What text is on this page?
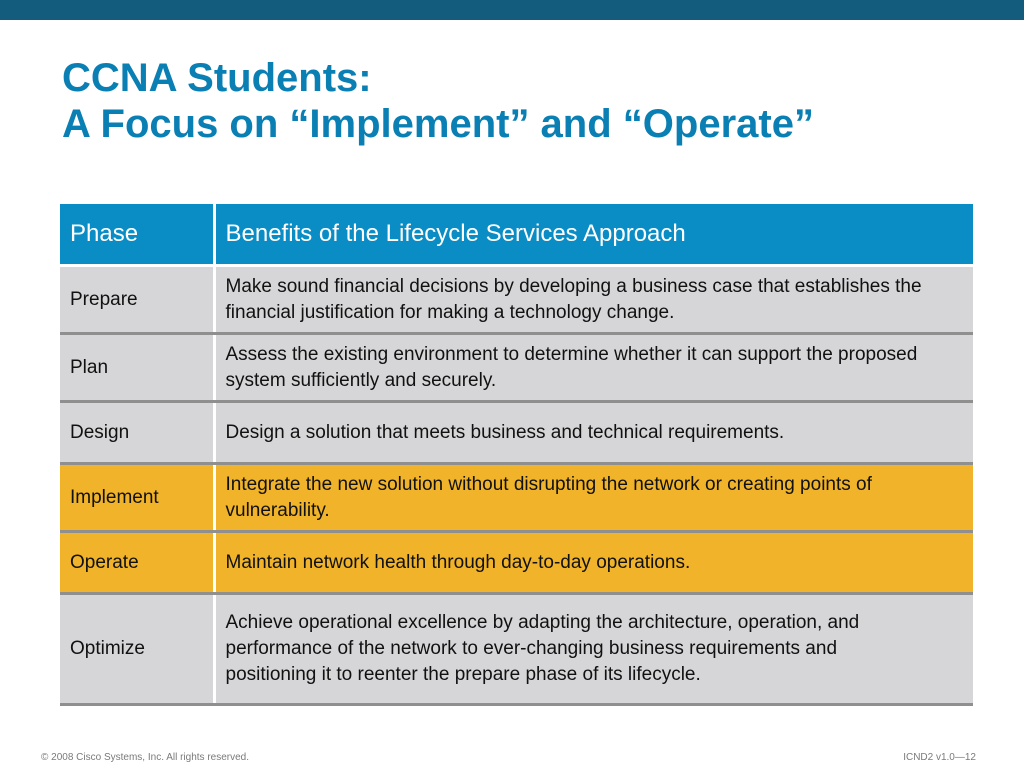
CCNA Students:
A Focus on “Implement” and “Operate”
Phase	Benefits of the Lifecycle Services Approach
Prepare	Make sound financial decisions by developing a business case that establishes the financial justification for making a technology change.
Plan	Assess the existing environment to determine whether it can support the proposed system sufficiently and securely.
Design	Design a solution that meets business and technical requirements.
Implement	Integrate the new solution without disrupting the network or creating points of vulnerability.
Operate	Maintain network health through day-to-day operations.
Optimize	Achieve operational excellence by adapting the architecture, operation, and performance of the network to ever-changing business requirements and positioning it to reenter the prepare phase of its lifecycle.
© 2008 Cisco Systems, Inc. All rights reserved.	ICND2 v1.0—12
